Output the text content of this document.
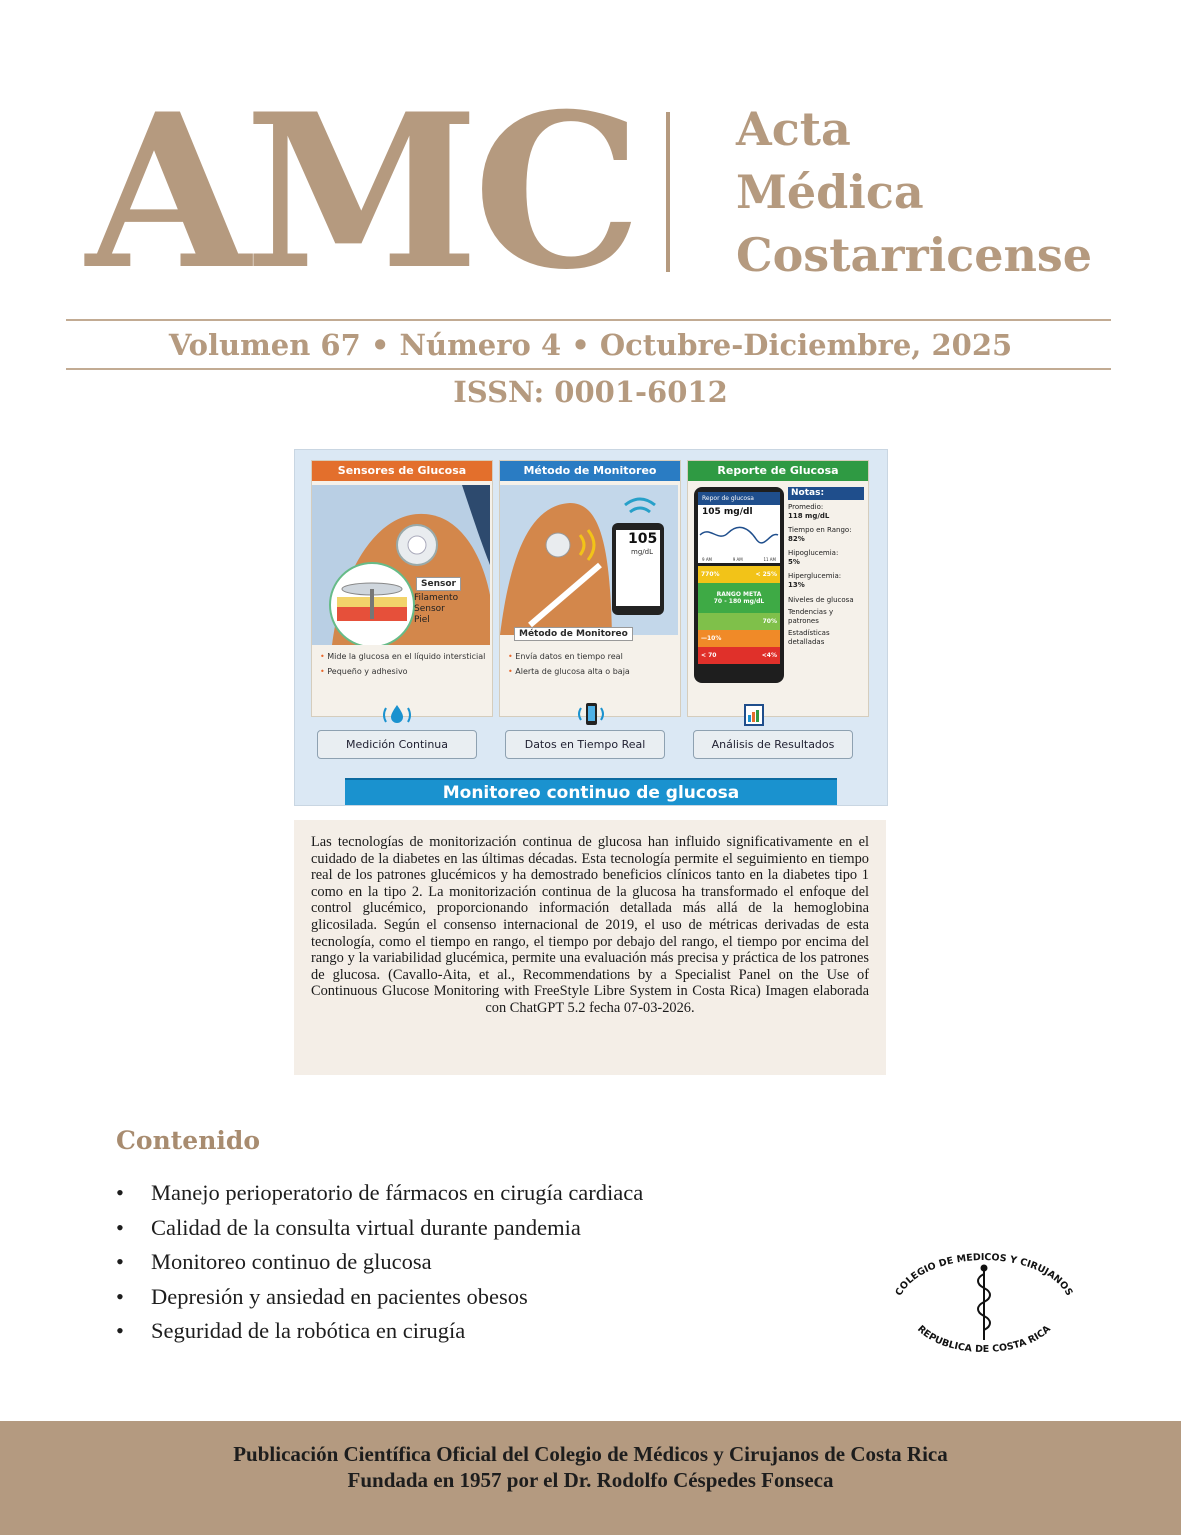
AMC	Acta
Médica
Costarricense
Volumen 67 • Número 4 • Octubre-Diciembre, 2025
ISSN: 0001-6012
Sensores de Glucosa
Sensor
Filamento
Sensor
Piel
• Mide la glucosa en el líquido intersticial
• Pequeño y adhesivo
Método de Monitoreo
105
mg/dL
Método de Monitoreo
• Envía datos en tiempo real
• Alerta de glucosa alta o baja
Reporte de Glucosa
Repor de glucosa
105 mg/dl
9 AM	9 AM	11 AM
770%	< 25%
RANGO META
70 - 180 mg/dL
70%
—10%
< 70	<4%
Notas:
Promedio:
118 mg/dL
Tiempo en Rango:
82%
Hipoglucemia:
5%
Hiperglucemia:
13%
Niveles de glucosa
Tendencias y patrones
Estadísticas detalladas
Medición Continua	Datos en Tiempo Real	Análisis de Resultados
Monitoreo continuo de glucosa
Las tecnologías de monitorización continua de glucosa han influido significativamente en el cuidado de la diabetes en las últimas décadas. Esta tecnología permite el seguimiento en tiempo real de los patrones glucémicos y ha demostrado beneficios clínicos tanto en la diabetes tipo 1 como en la tipo 2. La monitorización continua de la glucosa ha transformado el enfoque del control glucémico, proporcionando información detallada más allá de la hemoglobina glicosilada. Según el consenso internacional de 2019, el uso de métricas derivadas de esta tecnología, como el tiempo en rango, el tiempo por debajo del rango, el tiempo por encima del rango y la variabilidad glucémica, permite una evaluación más precisa y práctica de los patrones de glucosa. (Cavallo-Aita, et al., Recommendations by a Specialist Panel on the Use of Continuous Glucose Monitoring with FreeStyle Libre System in Costa Rica) Imagen elaborada con ChatGPT 5.2 fecha 07-03-2026.
Contenido
• Manejo perioperatorio de fármacos en cirugía cardiaca
• Calidad de la consulta virtual durante pandemia
• Monitoreo continuo de glucosa
• Depresión y ansiedad en pacientes obesos
• Seguridad de la robótica en cirugía
COLEGIO DE MEDICOS Y CIRUJANOS
REPUBLICA DE COSTA RICA
Publicación Científica Oficial del Colegio de Médicos y Cirujanos de Costa Rica
Fundada en 1957 por el Dr. Rodolfo Céspedes Fonseca
